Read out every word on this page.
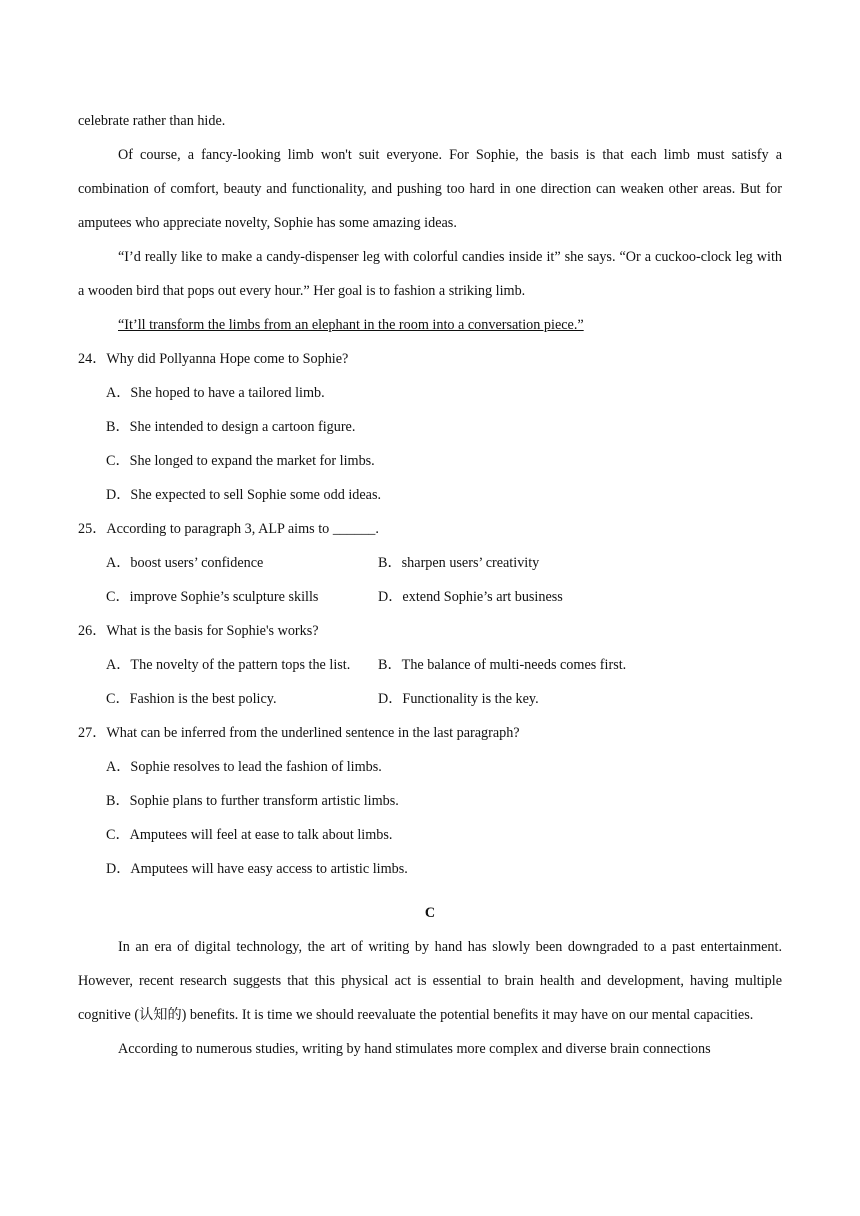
celebrate rather than hide.

Of course, a fancy-looking limb won't suit everyone. For Sophie, the basis is that each limb must satisfy a combination of comfort, beauty and functionality, and pushing too hard in one direction can weaken other areas. But for amputees who appreciate novelty, Sophie has some amazing ideas.

“I’d really like to make a candy-dispenser leg with colorful candies inside it” she says. “Or a cuckoo-clock leg with a wooden bird that pops out every hour.” Her goal is to fashion a striking limb.

“It’ll transform the limbs from an elephant in the room into a conversation piece.”

24．Why did Pollyanna Hope come to Sophie?
A．She hoped to have a tailored limb.
B．She intended to design a cartoon figure.
C．She longed to expand the market for limbs.
D．She expected to sell Sophie some odd ideas.
25．According to paragraph 3, ALP aims to ______.
A．boost users’ confidence	B．sharpen users’ creativity
C．improve Sophie’s sculpture skills	D．extend Sophie’s art business
26．What is the basis for Sophie's works?
A．The novelty of the pattern tops the list. B．The balance of multi-needs comes first.
C．Fashion is the best policy.	D．Functionality is the key.
27．What can be inferred from the underlined sentence in the last paragraph?
A．Sophie resolves to lead the fashion of limbs.
B．Sophie plans to further transform artistic limbs.
C．Amputees will feel at ease to talk about limbs.
D．Amputees will have easy access to artistic limbs.
C

In an era of digital technology, the art of writing by hand has slowly been downgraded to a past entertainment. However, recent research suggests that this physical act is essential to brain health and development, having multiple cognitive (认知的) benefits. It is time we should reevaluate the potential benefits it may have on our mental capacities.

According to numerous studies, writing by hand stimulates more complex and diverse brain connections
